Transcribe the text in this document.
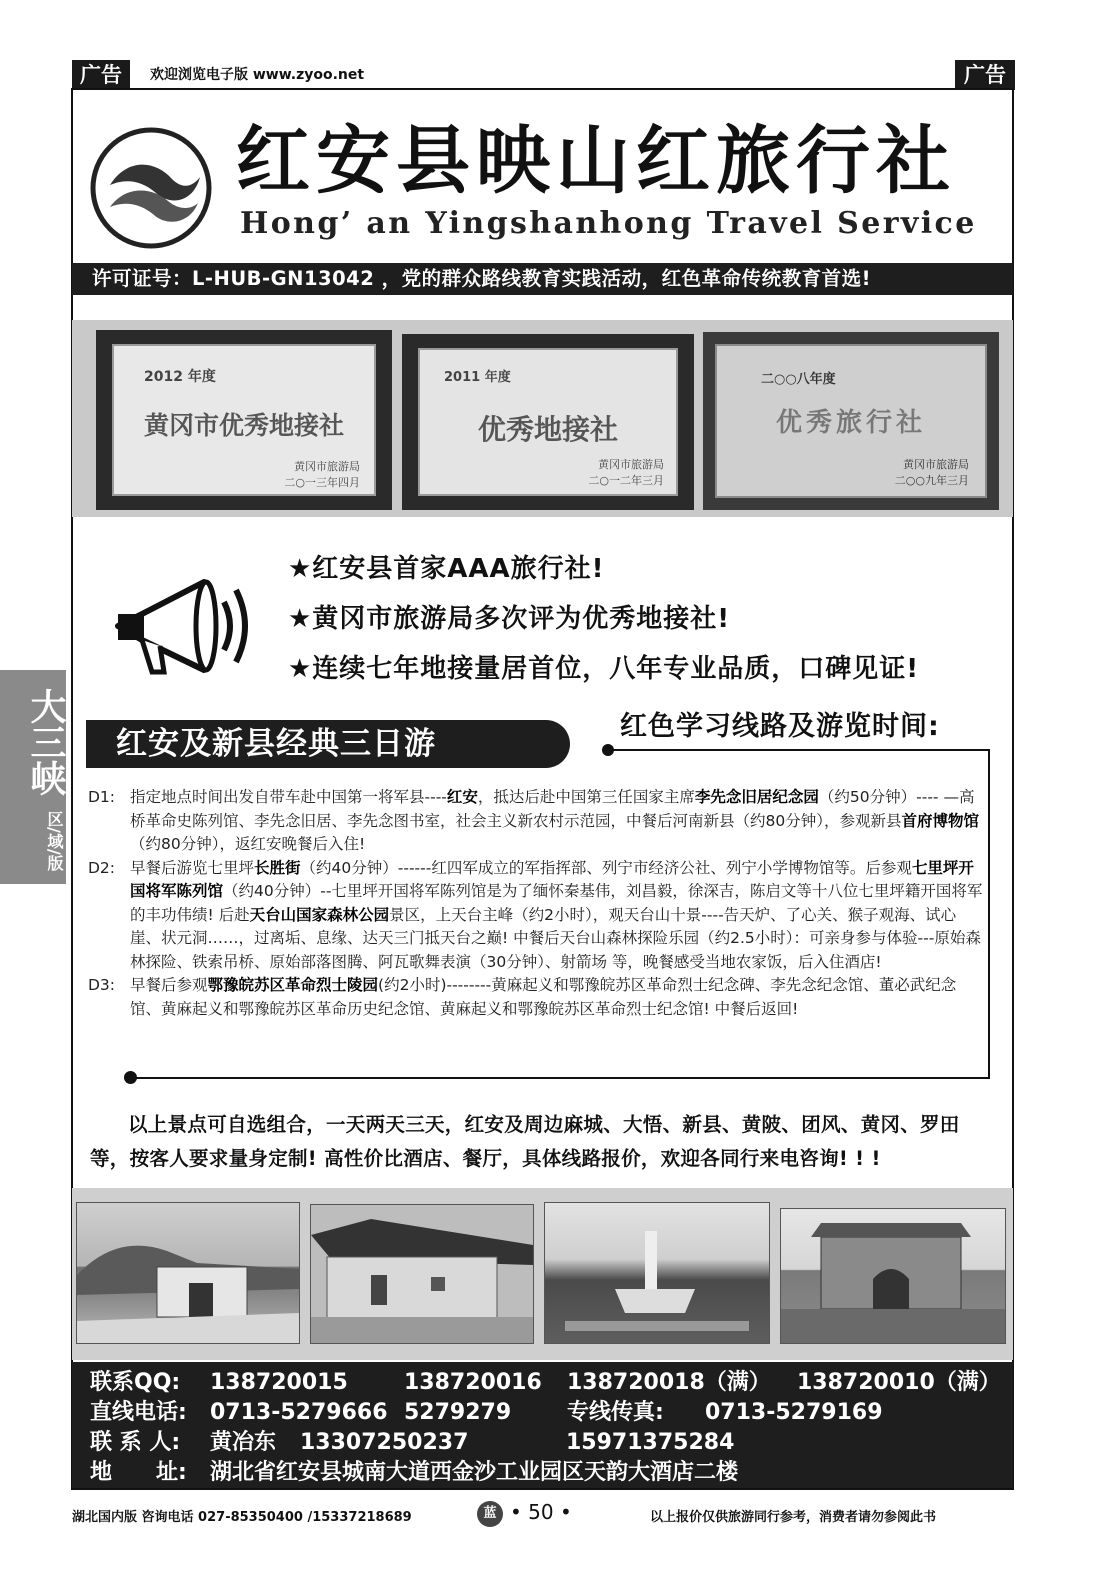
广告	欢迎浏览电子版 www.zyoo.net	广告
红安县映山红旅行社
Hong’ an Yingshanhong Travel Service
许可证号：L-HUB-GN13042 ，党的群众路线教育实践活动，红色革命传统教育首选!
2012 年度
黄冈市优秀地接社
黄冈市旅游局
二○一三年四月
2011 年度
优秀地接社
黄冈市旅游局
二○一二年三月
二○○八年度
优秀旅行社
黄冈市旅游局
二○○九年三月
★红安县首家AAA旅行社!
★黄冈市旅游局多次评为优秀地接社!
★连续七年地接量居首位，八年专业品质，口碑见证!
大三峡
区/域/版
红安及新县经典三日游	红色学习线路及游览时间:
D1: 指定地点时间出发自带车赴中国第一将军县----红安，抵达后赴中国第三任国家主席李先念旧居纪念园（约50分钟）---- —高桥革命史陈列馆、李先念旧居、李先念图书室，社会主义新农村示范园，中餐后河南新县（约80分钟），参观新县首府博物馆（约80分钟），返红安晚餐后入住!

D2: 早餐后游览七里坪长胜街（约40分钟）------红四军成立的军指挥部、列宁市经济公社、列宁小学博物馆等。后参观七里坪开国将军陈列馆（约40分钟）--七里坪开国将军陈列馆是为了缅怀秦基伟，刘昌毅，徐深吉，陈启文等十八位七里坪籍开国将军的丰功伟绩! 后赴天台山国家森林公园景区，上天台主峰（约2小时），观天台山十景----告天炉、了心关、猴子观海、试心崖、状元洞……，过离垢、息缘、达天三门抵天台之巅! 中餐后天台山森林探险乐园（约2.5小时）：可亲身参与体验---原始森林探险、铁索吊桥、原始部落图腾、阿瓦歌舞表演（30分钟）、射箭场 等，晚餐感受当地农家饭，后入住酒店!

D3: 早餐后参观鄂豫皖苏区革命烈士陵园(约2小时)--------黄麻起义和鄂豫皖苏区革命烈士纪念碑、李先念纪念馆、董必武纪念馆、黄麻起义和鄂豫皖苏区革命历史纪念馆、黄麻起义和鄂豫皖苏区革命烈士纪念馆! 中餐后返回!

以上景点可自选组合，一天两天三天，红安及周边麻城、大悟、新县、黄陂、团风、黄冈、罗田
等，按客人要求量身定制! 高性价比酒店、餐厅，具体线路报价，欢迎各同行来电咨询! ! !
联系QQ:	138720015	138720016	138720018（满）	138720010（满）
直线电话:	0713-5279666 5279279	专线传真:	0713-5279169
联 系 人:	黄冶东	13307250237	15971375284
地　　址:	湖北省红安县城南大道西金沙工业园区天韵大酒店二楼
湖北国内版 咨询电话 027-85350400 /15337218689	蓝 • 50 •	以上报价仅供旅游同行参考，消费者请勿参阅此书
